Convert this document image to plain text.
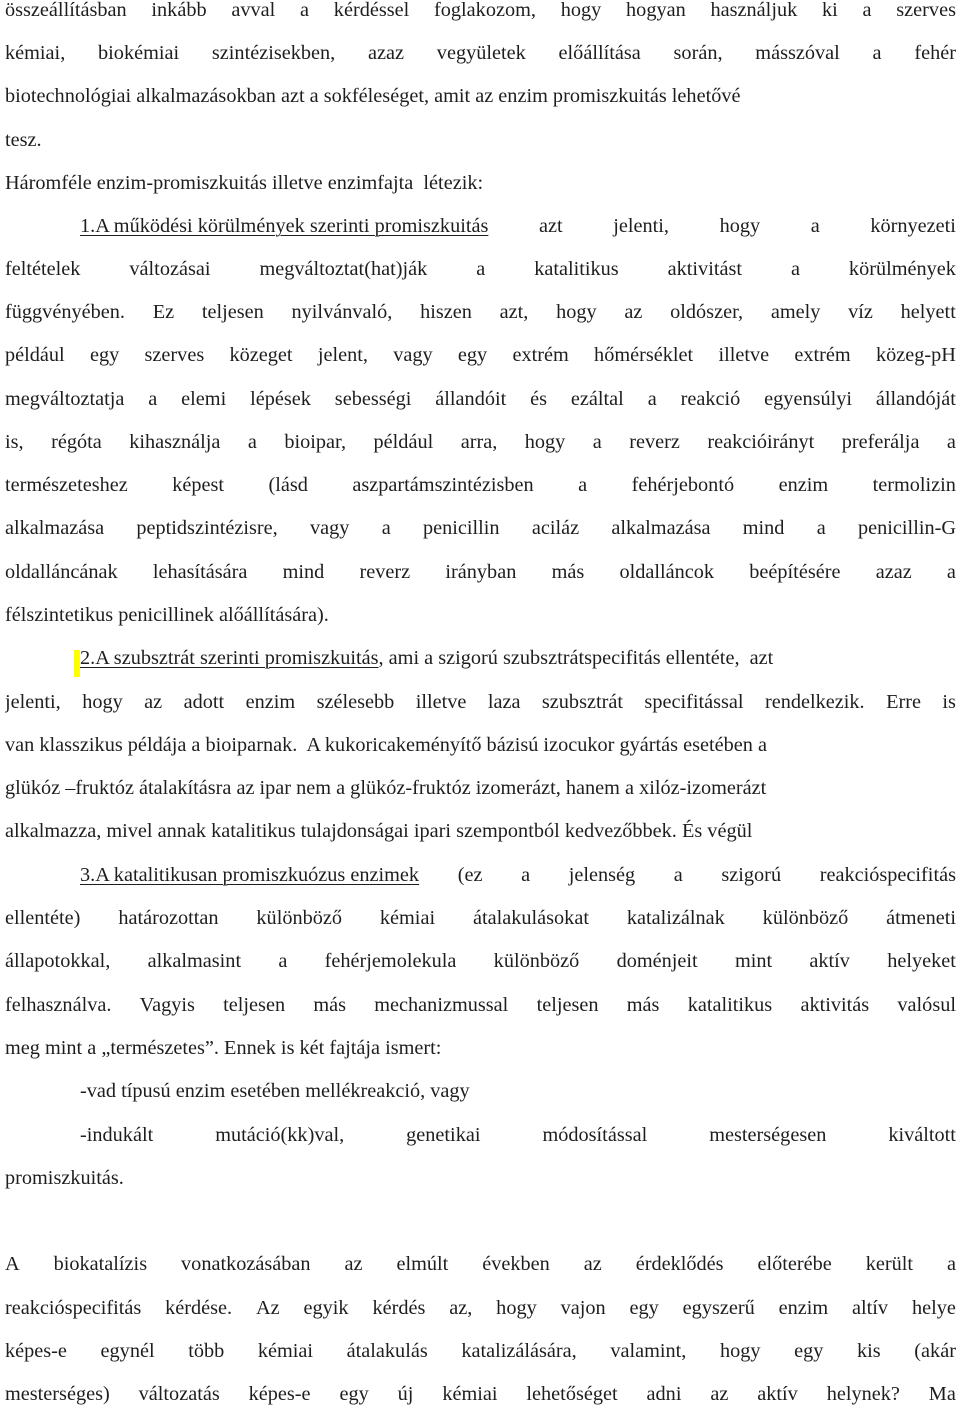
összeállításban inkább avval a kérdéssel foglakozom, hogy hogyan használjuk ki a szerves
kémiai, biokémiai szintézisekben, azaz vegyületek előállítása során, másszóval a fehér
biotechnológiai alkalmazásokban azt a sokféleséget, amit az enzim promiszkuitás lehetővé
tesz.
Háromféle enzim-promiszkuitás illetve enzimfajta  létezik:
1.A működési körülmények szerinti promiszkuitás azt jelenti, hogy a környezeti
feltételek változásai megváltoztat(hat)ják a katalitikus aktivitást a körülmények
függvényében. Ez teljesen nyilvánvaló, hiszen azt, hogy az oldószer, amely víz helyett
például egy szerves közeget jelent, vagy egy extrém hőmérséklet illetve extrém közeg-pH
megváltoztatja a elemi lépések sebességi állandóit és ezáltal a reakció egyensúlyi állandóját
is, régóta kihasználja a bioipar, például arra, hogy a reverz reakcióirányt preferálja a
természeteshez képest (lásd aszpartámszintézisben a fehérjebontó enzim termolizin
alkalmazása peptidszintézisre, vagy a penicillin aciláz alkalmazása mind a penicillin-G
oldalláncának lehasítására mind reverz irányban más oldalláncok beépítésére azaz a
félszintetikus penicillinek alőállítására).
2.A szubsztrát szerinti promiszkuitás, ami a szigorú szubsztrátspecifitás ellentéte,  azt
jelenti, hogy az adott enzim szélesebb illetve laza szubsztrát specifitással rendelkezik. Erre is
van klasszikus példája a bioiparnak.  A kukoricakeményítő bázisú izocukor gyártás esetében a
glükóz –fruktóz átalakításra az ipar nem a glükóz-fruktóz izomerázt, hanem a xilóz-izomerázt
alkalmazza, mivel annak katalitikus tulajdonságai ipari szempontból kedvezőbbek. És végül
3.A katalitikusan promiszkuózus enzimek (ez a jelenség a szigorú reakcióspecifitás
ellentéte) határozottan különböző kémiai átalakulásokat katalizálnak különböző átmeneti
állapotokkal, alkalmasint a fehérjemolekula különböző doménjeit mint aktív helyeket
felhasználva. Vagyis teljesen más mechanizmussal teljesen más katalitikus aktivitás valósul
meg mint a „természetes”. Ennek is két fajtája ismert:
-vad típusú enzim esetében mellékreakció, vagy
-indukált	mutáció(kk)val,	genetikai	módosítással	mesterségesen	kiváltott
promiszkuitás.
A biokatalízis vonatkozásában az elmúlt években az érdeklődés előterébe került a
reakcióspecifitás kérdése. Az egyik kérdés az, hogy vajon egy egyszerű enzim altív helye
képes-e egynél több kémiai átalakulás katalizálására, valamint, hogy egy kis (akár
mesterséges) változatás képes-e egy új kémiai lehetőséget adni az aktív helynek? Ma
